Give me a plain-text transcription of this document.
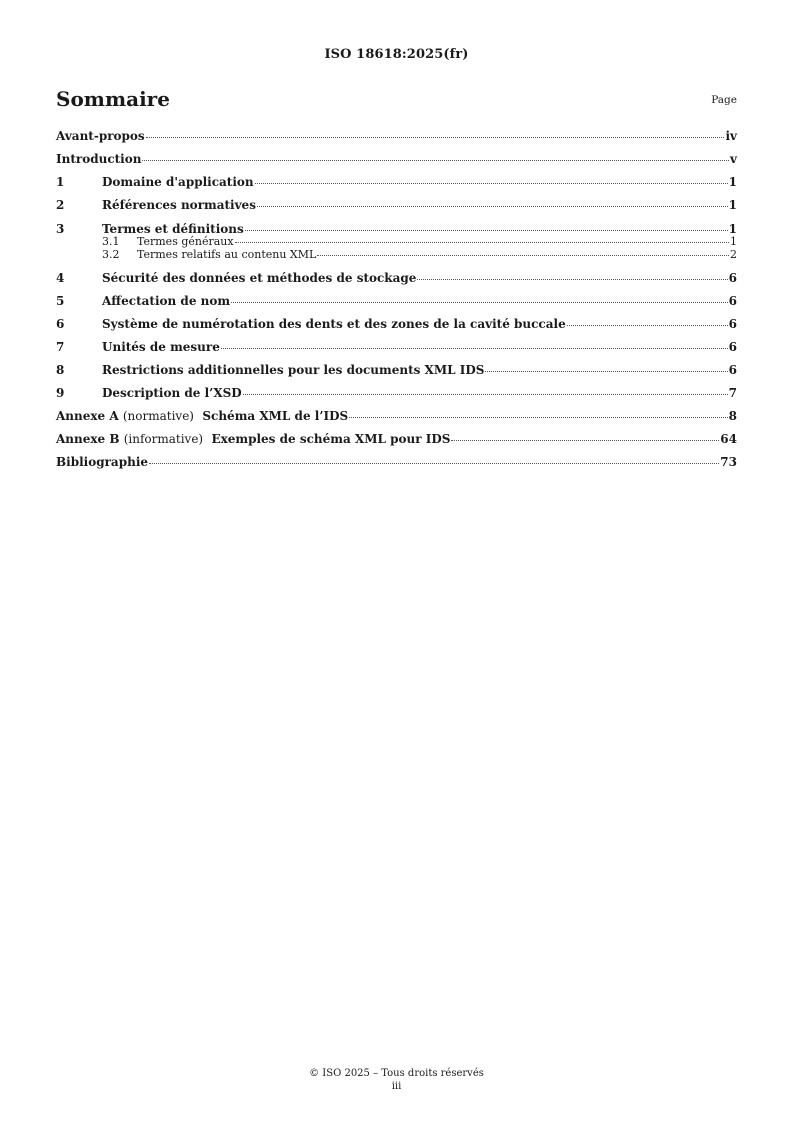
ISO 18618:2025(fr)
Sommaire	Page
Avant-propos	iv
Introduction	v
1	Domaine d'application	1
2	Références normatives	1
3	Termes et définitions	1
3.1	Termes généraux	1
3.2	Termes relatifs au contenu XML	2
4	Sécurité des données et méthodes de stockage	6
5	Affectation de nom	6
6	Système de numérotation des dents et des zones de la cavité buccale	6
7	Unités de mesure	6
8	Restrictions additionnelles pour les documents XML IDS	6
9	Description de l’XSD	7
Annexe A (normative) Schéma XML de l’IDS	8
Annexe B (informative) Exemples de schéma XML pour IDS	64
Bibliographie	73
© ISO 2025 – Tous droits réservés
iii
